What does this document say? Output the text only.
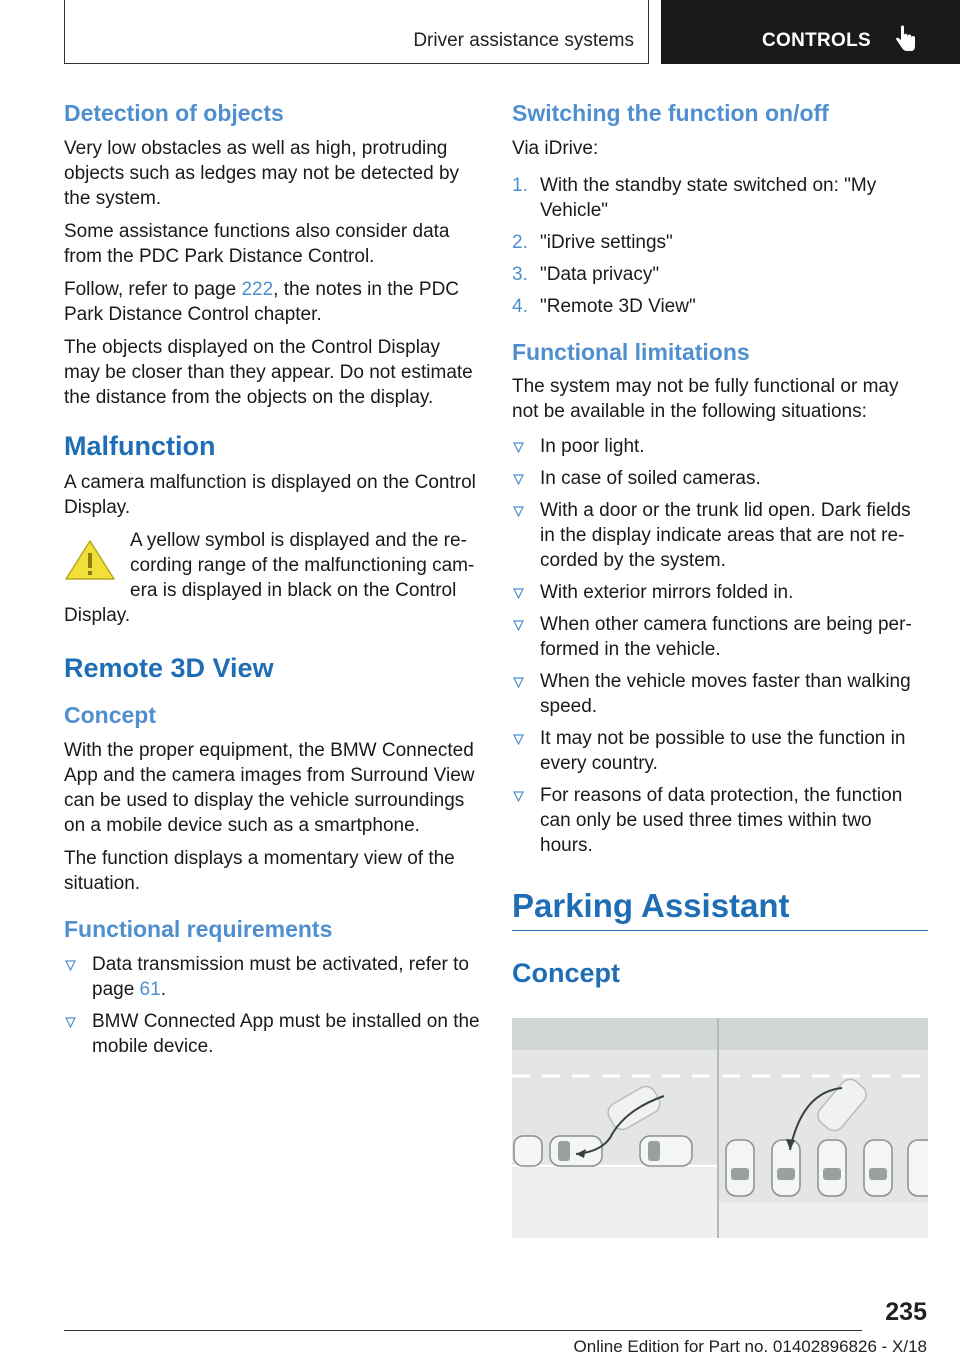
Driver assistance systems	CONTROLS
Detection of objects

Very low obstacles as well as high, protruding objects such as ledges may not be detected by the system.

Some assistance functions also consider data from the PDC Park Distance Control.

Follow, refer to page 222, the notes in the PDC Park Distance Control chapter.

The objects displayed on the Control Display may be closer than they appear. Do not estimate the distance from the objects on the display.

Malfunction

A camera malfunction is displayed on the Control Display.

A yellow symbol is displayed and the recording range of the malfunctioning camera is displayed in black on the Control
Display.
Remote 3D View
Concept

With the proper equipment, the BMW Connected App and the camera images from Surround View can be used to display the vehicle surroundings on a mobile device such as a smartphone.

The function displays a momentary view of the situation.

Functional requirements
Data transmission must be activated, refer to page 61.
BMW Connected App must be installed on the mobile device.
Switching the function on/off

Via iDrive:

1. With the standby state switched on: "My Vehicle"
2. "iDrive settings"
3. "Data privacy"
4. "Remote 3D View"
Functional limitations

The system may not be fully functional or may not be available in the following situations:

In poor light.
In case of soiled cameras.
With a door or the trunk lid open. Dark fields in the display indicate areas that are not recorded by the system.
With exterior mirrors folded in.
When other camera functions are being performed in the vehicle.
When the vehicle moves faster than walking speed.
It may not be possible to use the function in every country.
For reasons of data protection, the function can only be used three times within two hours.
Parking Assistant
Concept
235
Online Edition for Part no. 01402896826 - X/18
